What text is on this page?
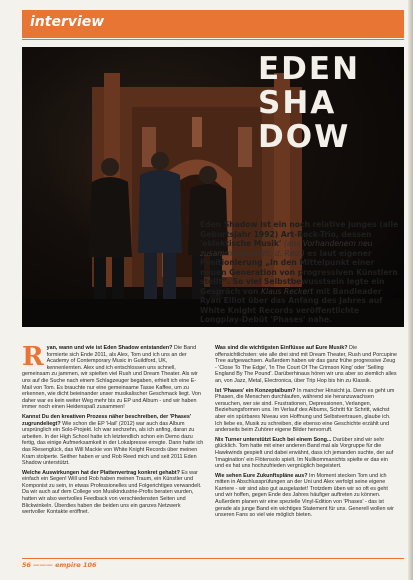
interview
EDEN
SHA
DOW
Eden Shadow ist ein noch relative junges (alle Geburtsjahr 1992) Art-Rock-Trio, dessen 'eklektische Musik' (aus Vorhandenem neu zusammengestellt, d. Red.) es laut eigener Positionierung „in den Mittelpunkt einer neuen Generation von progressiven Künstlern stellt“. So viel Selbstbewusstsein legte ein Gespräch von Klaus Reckert mit Bandleader Ryan Elliot über das Anfang des Jahres auf White Knight Records veröffentlichte Longplay-Debüt 'Phases' nahe.

R yan, wann und wie ist Eden Shadow entstanden? Die Band formierte sich Ende 2011, als Alex, Tom und ich uns an der Academy of Contemporary Music in Guildford, UK, kennenlernten. Alex und ich entschlossen uns schnell, gemeinsam zu jammen, wir spielten viel Rush und Dream Theater. Als wir uns auf die Suche nach einem Schlagzeuger begaben, erhielt ich eine E-Mail von Tom. Es brauchte nur eine gemeinsame Tasse Kaffee, um zu erkennen, wie dicht beieinander unser musikalischer Geschmack liegt. Von daher war es kein weiter Weg mehr bis zu EP und Album - und wir haben immer noch einen Heidenspaß zusammen!

Kannst Du den kreativen Prozess näher beschreiben, der 'Phases' zugrundeliegt? Wie schon die EP 'Hail' (2012) war auch das Album ursprünglich ein Solo-Projekt. Ich war sechzehn, als ich anfing, daran zu arbeiten. In der High School hatte ich letztendlich schon ein Demo dazu fertig, das einige Aufmerksamkeit in der Lokalpresse erregte. Dann hatte ich das Riesenglück, das Will Mackie von White Knight Records über meinen Kram stolperte. Seither haben er und Rob Reed mich und seit 2011 Eden Shadow unterstützt.

Welche Auswirkungen hat der Plattenvertrag konkret gehabt? Es war einfach ein Segen! Will und Rob haben meinen Traum, ein Künstler und Komponist zu sein, in etwas Professionelles und Folgerichtiges verwandelt. Da wir auch auf dem College von Musikindustrie-Profis beraten wurden, hatten wir also wertvolles Feedback von verschiedensten Seiten und Blickwinkeln. Überdies haben die beiden uns ein ganzes Netzwerk wertvoller Kontakte eröffnet.

Was sind die wichtigsten Einflüsse auf Eure Musik? Die offensichtlichsten: wie alle drei sind mit Dream Theater, Rush und Porcupine Tree aufgewachsen. Außerdem haben wir das ganz frühe progressive Zeug - 'Close To The Edge', 'In The Court Of The Crimson King' oder 'Selling England By The Pound'. Darüberhinaus hören wir uns aber so ziemlich alles an, von Jazz, Metal, Electronica, über Trip Hop bis hin zu Klassik.

Ist 'Phases' ein Konzeptalbum? In mancher Hinsicht ja. Denn es geht um Phasen, die Menschen durchlaufen, während sie heranzuwachsen versuchen, wer sie sind. Frustrationen, Depressionen, Verlangen, Beziehungsformen uns. Im Verlauf des Albums, Schritt für Schritt, wächst aber ein spürbares Niveau von Hoffnung und Selbstvertrauen, glaube ich. Ich liebe es, Musik zu schreiben, die ebenso eine Geschichte erzählt und anderseits beim Zuhörer eigene Bilder hervorruft.

Nix Turner unterstützt Euch bei einem Song... Darüber sind wir sehr glücklich. Tom hatte mit einer anderen Band mal als Vorgruppe für die Hawkwinds gespielt und dabei erwähnt, dass ich jemanden suchte, der auf 'Imagination' ein Flötensolo spielt. Im Nullkommanichts spielte er das ein und es hat uns hochzufrieden vergnüglich begeistert.

Wie sehen Eure Zukunftspläne aus? Im Moment stecken Tom und ich mitten in Abschlussprüfungen an der Uni und Alex verfolgt seine eigene Karriere - wir sind also gut ausgelastet! Trotzdem üben wir so oft es geht und wir hoffen, gegen Ende des Jahres häufiger auftreten zu können. Außerdem planen wir eine spezielle Vinyl-Edition von 'Phases' - das ist gerade als junge Band ein wichtiges Statement für uns. Generell wollen wir unseren Fans so viel wie möglich bieten.

56 ——— empire 106
